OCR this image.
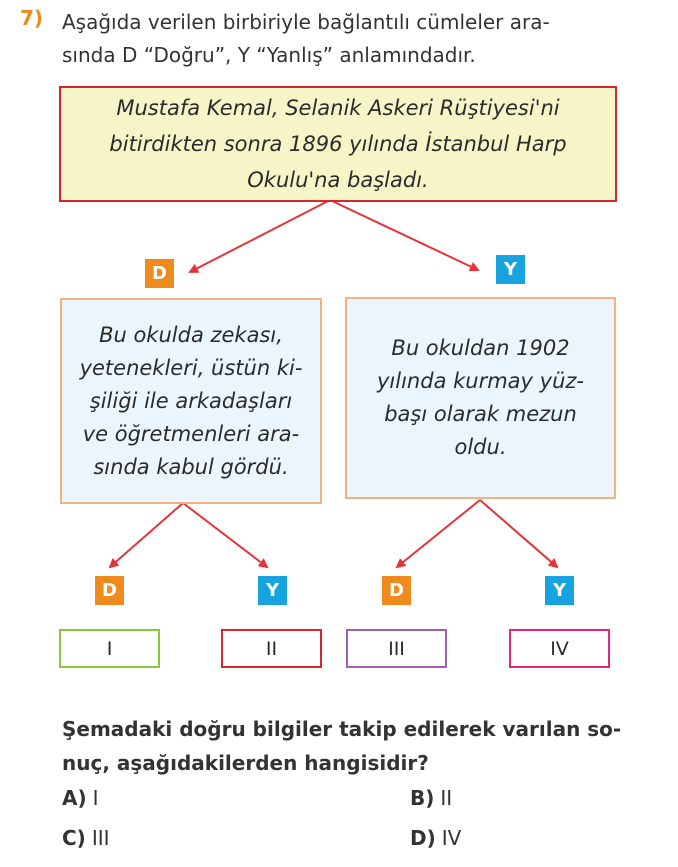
7) Aşağıda verilen birbiriyle bağlantılı cümleler ara-
sında D “Doğru”, Y “Yanlış” anlamındadır.
Mustafa Kemal, Selanik Askeri Rüştiyesi'ni
bitirdikten sonra 1896 yılında İstanbul Harp
Okulu'na başladı.
D	Y
Bu okulda zekası,
yetenekleri, üstün ki-
şiliği ile arkadaşları
ve öğretmenleri ara-
sında kabul gördü.
Bu okuldan 1902
yılında kurmay yüz-
başı olarak mezun
oldu.
D	Y	D	Y
I	II	III	IV
Şemadaki doğru bilgiler takip edilerek varılan so-
nuç, aşağıdakilerden hangisidir?
A) I	B) II
C) III	D) IV
